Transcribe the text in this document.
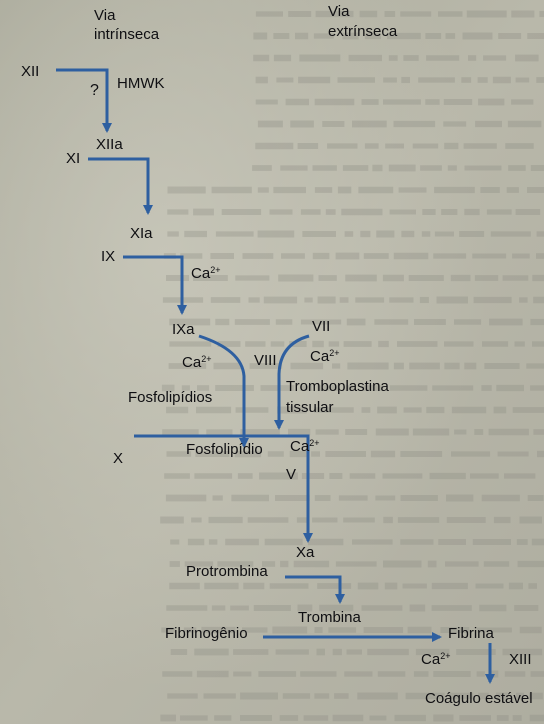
Via intrínseca
Via extrínseca
XII
? HMWK
XIIa
XI
XIa
IX
$Ca^{2+}$
IXa	VII
$Ca^{2+}$	VIII $Ca^{2+}$
Fosfolipídios
Tromboplastina tissular
X
Fosfolipídio $Ca^{2+}$
V
Xa
Protrombina
Trombina
Fibrinogênio	Fibrina
$Ca^{2+}$	XIII
Coágulo estável
